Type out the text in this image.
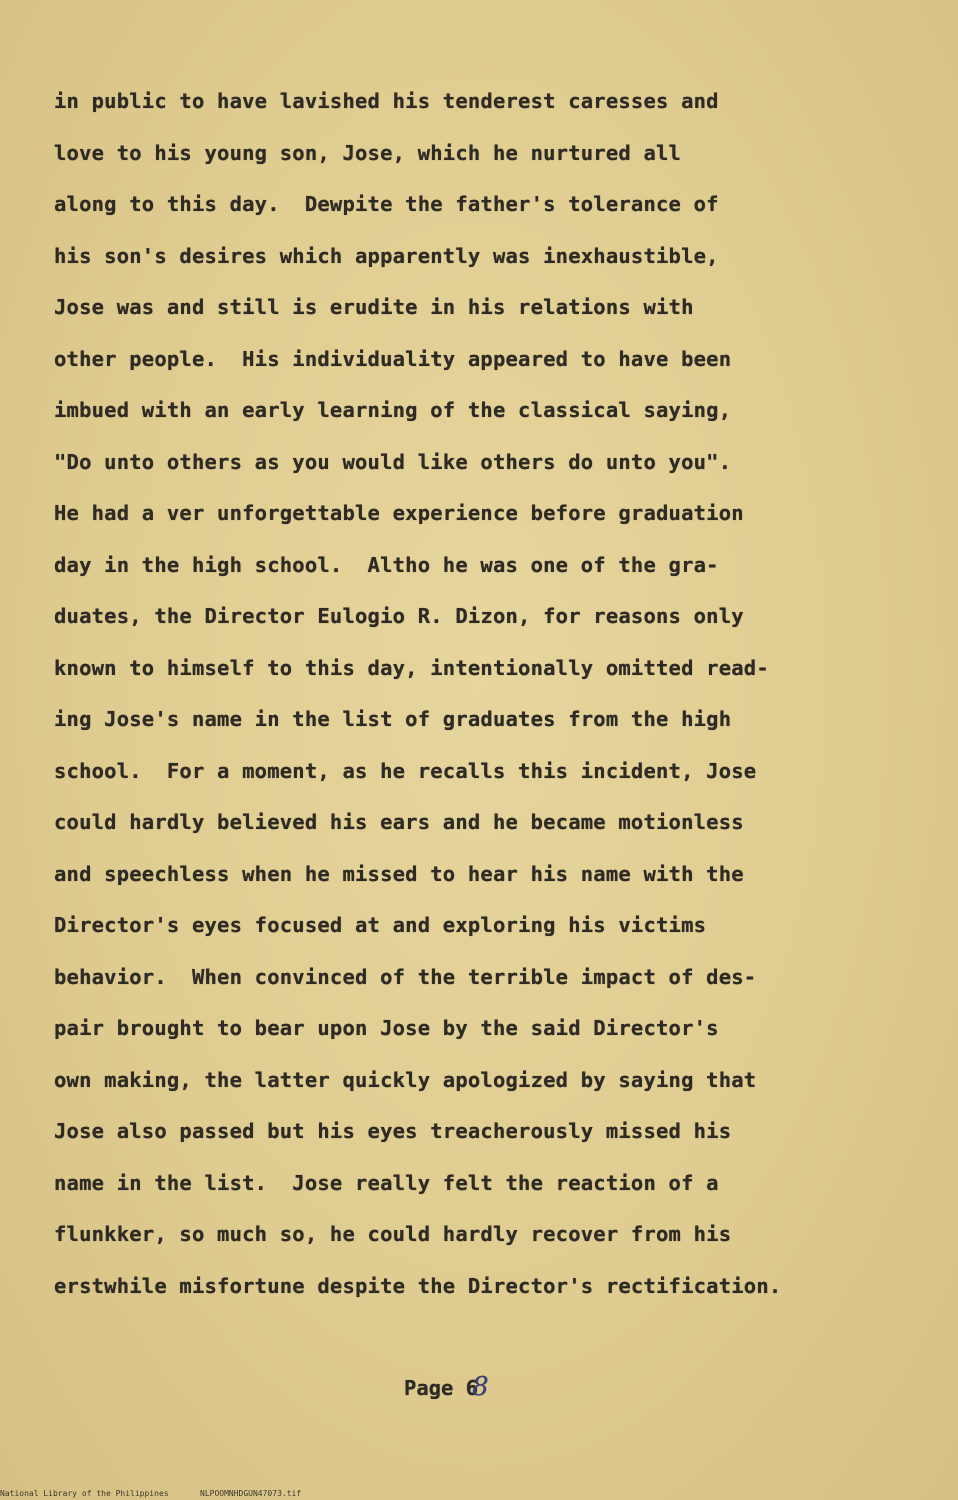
in public to have lavished his tenderest caresses and
love to his young son, Jose, which he nurtured all
along to this day.  Dewpite the father's tolerance of
his son's desires which apparently was inexhaustible,
Jose was and still is erudite in his relations with
other people.  His individuality appeared to have been
imbued with an early learning of the classical saying,
"Do unto others as you would like others do unto you".
He had a ver unforgettable experience before graduation
day in the high school.  Altho he was one of the gra-
duates, the Director Eulogio R. Dizon, for reasons only
known to himself to this day, intentionally omitted read-
ing Jose's name in the list of graduates from the high
school.  For a moment, as he recalls this incident, Jose
could hardly believed his ears and he became motionless
and speechless when he missed to hear his name with the
Director's eyes focused at and exploring his victims
behavior.  When convinced of the terrible impact of des-
pair brought to bear upon Jose by the said Director's
own making, the latter quickly apologized by saying that
Jose also passed but his eyes treacherously missed his
name in the list.  Jose really felt the reaction of a
flunkker, so much so, he could hardly recover from his
erstwhile misfortune despite the Director's rectification.
Page 68

National Library of the Philippines

	NLPOOMNHDGUN47073.tif
